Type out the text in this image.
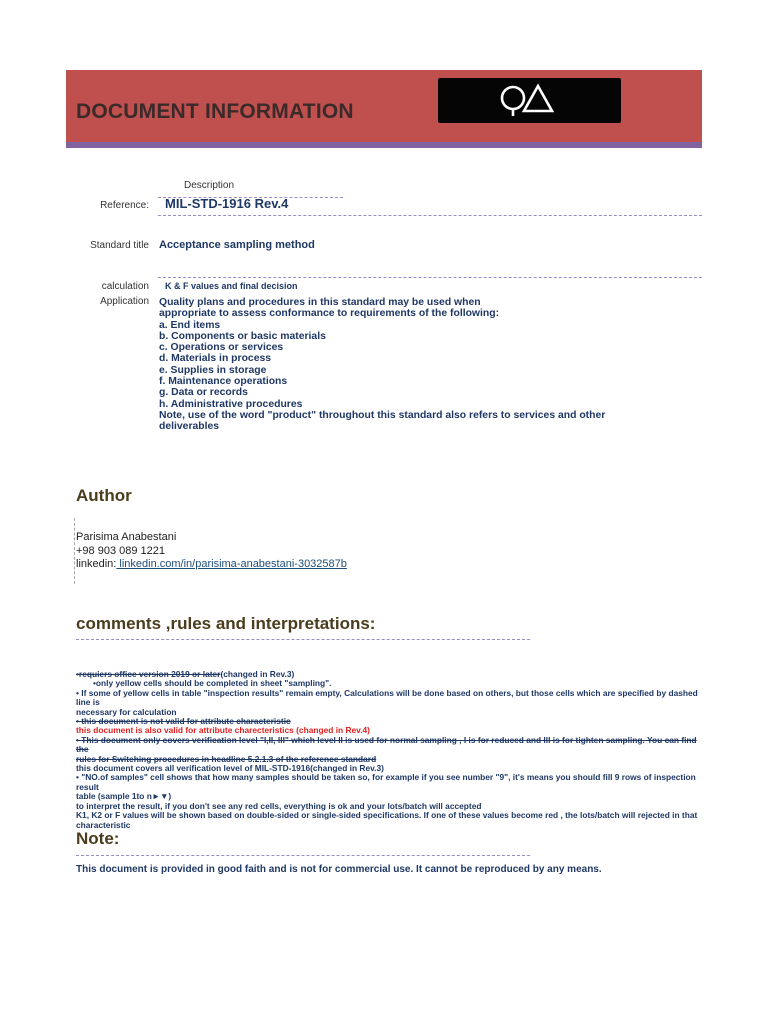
DOCUMENT INFORMATION
Description
Reference: MIL-STD-1916 Rev.4
Standard title Acceptance sampling method
calculation K & F values and final decision
Application Quality plans and procedures in this standard may be used when
appropriate to assess conformance to requirements of the following:
a. End items
b. Components or basic materials
c. Operations or services
d. Materials in process
e. Supplies in storage
f. Maintenance operations
g. Data or records
h. Administrative procedures
Note, use of the word "product" throughout this standard also refers to services and other
deliverables
Author
Parisima Anabestani
+98 903 089 1221
linkedin: linkedin.com/in/parisima-anabestani-3032587b
comments ,rules and interpretations:
•requiers office version 2019 or later(changed in Rev.3)
•only yellow cells should be completed in sheet "sampling".
• If some of yellow cells in table "inspection results" remain empty, Calculations will be done based on others, but those cells which are specified by dashed line is
necessary for calculation
• this document is not valid for attribute characteristic
this document is also valid for attribute charecteristics (changed in Rev.4)
• This document only covers verification level "I,II, III" which level II is used for normal sampling , I is for reduced and III is for tighten sampling. You can find the
rules for Switching procedures in headline 5.2.1.3 of the reference standard
this document covers all verification level of MIL-STD-1916(changed in Rev.3)
• "NO.of samples" cell shows that how many samples should be taken so, for example if you see number "9", it's means you should fill 9 rows of inspection result
table (sample 1to n►▼)
to interpret the result, if you don't see any red cells, everything is ok and your lots/batch will accepted
K1, K2 or F values will be shown based on double-sided or single-sided specifications. If one of these values become red , the lots/batch will rejected in that
characteristic
Note:
This document is provided in good faith and is not for commercial use. It cannot be reproduced by any means.
